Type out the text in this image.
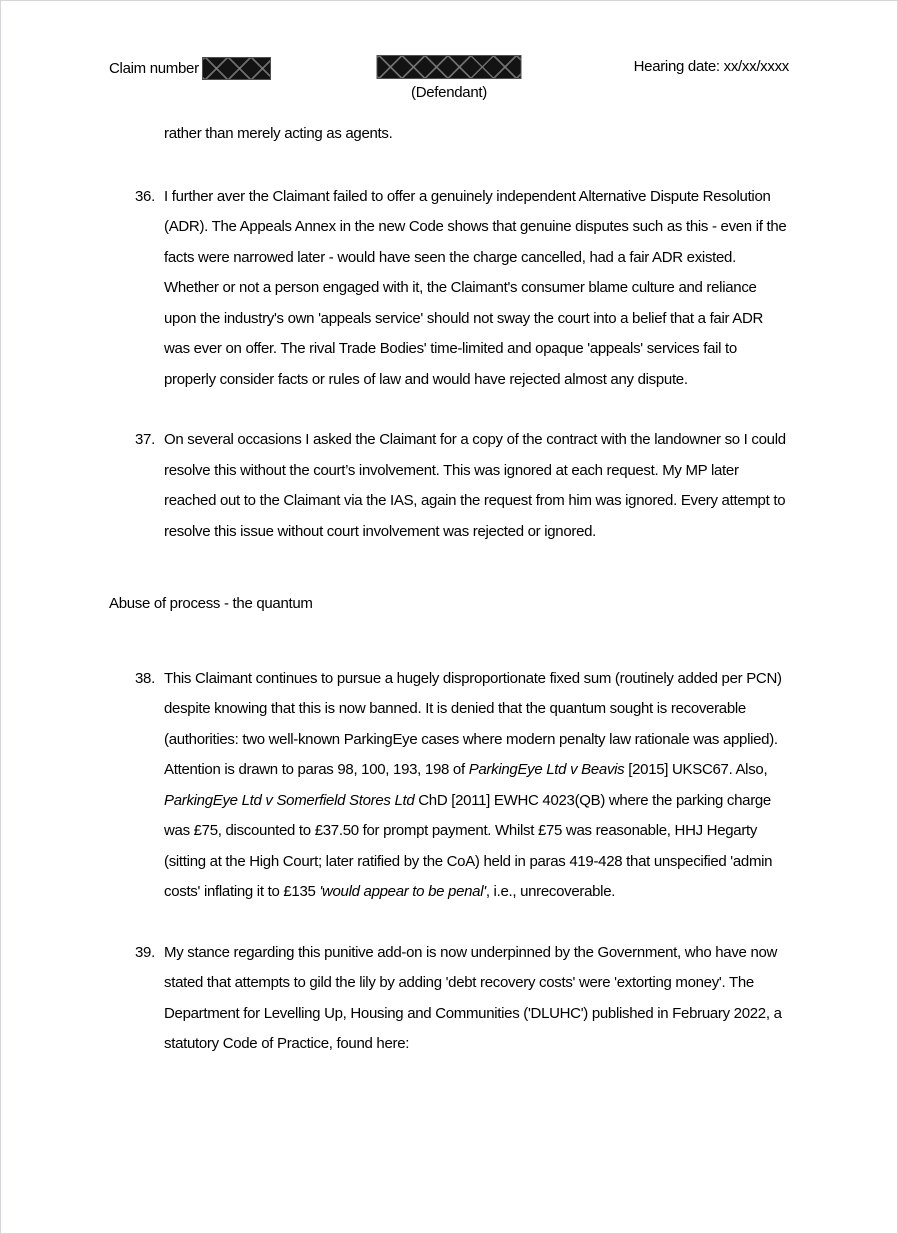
Claim number
(Defendant)
Hearing date: xx/xx/xxxx
rather than merely acting as agents.
36. I further aver the Claimant failed to offer a genuinely independent Alternative Dispute Resolution (ADR). The Appeals Annex in the new Code shows that genuine disputes such as this - even if the facts were narrowed later - would have seen the charge cancelled, had a fair ADR existed. Whether or not a person engaged with it, the Claimant's consumer blame culture and reliance upon the industry's own 'appeals service' should not sway the court into a belief that a fair ADR was ever on offer. The rival Trade Bodies' time-limited and opaque 'appeals' services fail to properly consider facts or rules of law and would have rejected almost any dispute.
37. On several occasions I asked the Claimant for a copy of the contract with the landowner so I could resolve this without the court’s involvement. This was ignored at each request. My MP later reached out to the Claimant via the IAS, again the request from him was ignored. Every attempt to resolve this issue without court involvement was rejected or ignored.
Abuse of process - the quantum
38. This Claimant continues to pursue a hugely disproportionate fixed sum (routinely added per PCN) despite knowing that this is now banned. It is denied that the quantum sought is recoverable (authorities: two well-known ParkingEye cases where modern penalty law rationale was applied). Attention is drawn to paras 98, 100, 193, 198 of ParkingEye Ltd v Beavis [2015] UKSC67. Also, ParkingEye Ltd v Somerfield Stores Ltd ChD [2011] EWHC 4023(QB) where the parking charge was £75, discounted to £37.50 for prompt payment. Whilst £75 was reasonable, HHJ Hegarty (sitting at the High Court; later ratified by the CoA) held in paras 419-428 that unspecified 'admin costs' inflating it to £135 'would appear to be penal', i.e., unrecoverable.
39. My stance regarding this punitive add-on is now underpinned by the Government, who have now stated that attempts to gild the lily by adding 'debt recovery costs' were 'extorting money'. The Department for Levelling Up, Housing and Communities ('DLUHC') published in February 2022, a statutory Code of Practice, found here:
